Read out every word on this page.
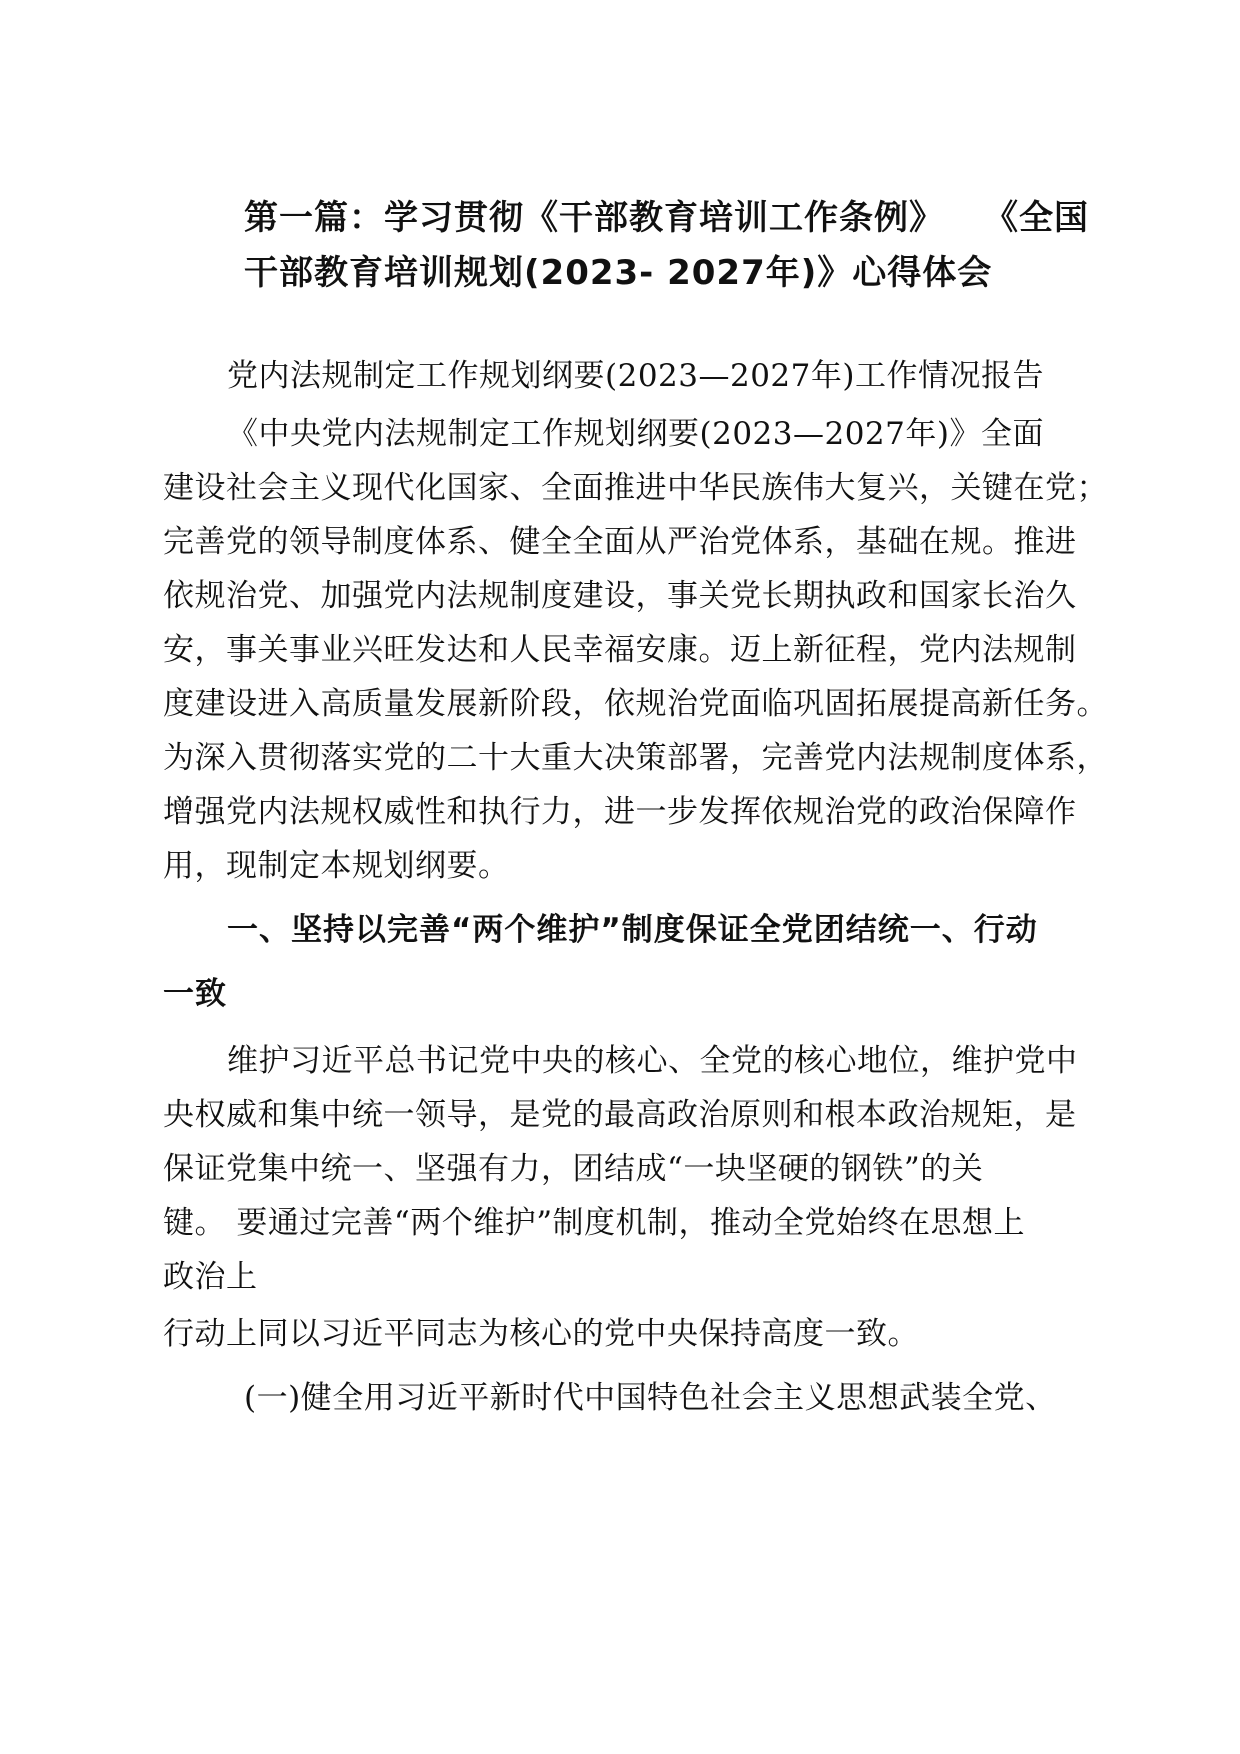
第一篇：学习贯彻《干部教育培训工作条例》 《全国
干部教育培训规划(2023- 2027年)》心得体会
党内法规制定工作规划纲要(2023—2027年)工作情况报告
《中央党内法规制定工作规划纲要(2023—2027年)》全面
建设社会主义现代化国家、全面推进中华民族伟大复兴，关键在党；
完善党的领导制度体系、健全全面从严治党体系，基础在规。推进
依规治党、加强党内法规制度建设，事关党长期执政和国家长治久
安，事关事业兴旺发达和人民幸福安康。迈上新征程，党内法规制
度建设进入高质量发展新阶段，依规治党面临巩固拓展提高新任务。
为深入贯彻落实党的二十大重大决策部署，完善党内法规制度体系，
增强党内法规权威性和执行力，进一步发挥依规治党的政治保障作
用，现制定本规划纲要。
一、坚持以完善“两个维护”制度保证全党团结统一、行动
一致
维护习近平总书记党中央的核心、全党的核心地位，维护党中
央权威和集中统一领导，是党的最高政治原则和根本政治规矩，是
保证党集中统一、坚强有力，团结成“一块坚硬的钢铁”的关
键。 要通过完善“两个维护”制度机制，推动全党始终在思想上
政治上
行动上同以习近平同志为核心的党中央保持高度一致。
(一)健全用习近平新时代中国特色社会主义思想武装全党、
